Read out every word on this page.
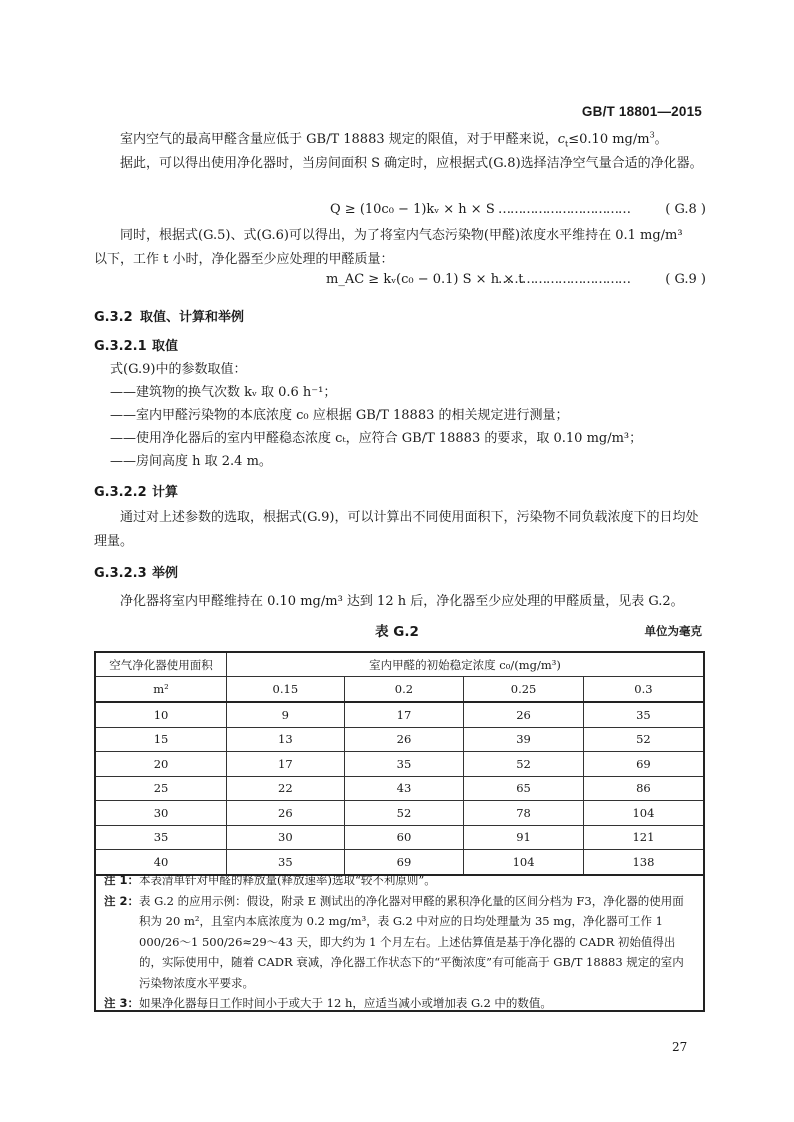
GB/T 18801—2015
室内空气的最高甲醛含量应低于 GB/T 18883 规定的限值，对于甲醛来说，$c_t\le 0.10$ $mg/m^3$。
据此，可以得出使用净化器时，当房间面积 S 确定时，应根据式(G.8)选择洁净空气量合适的净化器。
Q ≥ (10c₀ − 1)kᵥ × h × S ……………………………	( G.8 )
同时，根据式(G.5)、式(G.6)可以得出，为了将室内气态污染物(甲醛)浓度水平维持在 0.1 mg/m³
以下，工作 t 小时，净化器至少应处理的甲醛质量：
m_AC ≥ kᵥ(c₀ − 0.1) S × h × t
……………………………	( G.9 )
G.3.2 取值、计算和举例
G.3.2.1 取值
式(G.9)中的参数取值：
——建筑物的换气次数 kᵥ 取 0.6 h⁻¹；
——室内甲醛污染物的本底浓度 c₀ 应根据 GB/T 18883 的相关规定进行测量；
——使用净化器后的室内甲醛稳态浓度 cₜ，应符合 GB/T 18883 的要求，取 0.10 mg/m³；
——房间高度 h 取 2.4 m。
G.3.2.2 计算
通过对上述参数的选取，根据式(G.9)，可以计算出不同使用面积下，污染物不同负载浓度下的日均处理量。
G.3.2.3 举例
净化器将室内甲醛维持在 0.10 mg/m³ 达到 12 h 后，净化器至少应处理的甲醛质量，见表 G.2。
表 G.2	单位为毫克
空气净化器使用面积	室内甲醛的初始稳定浓度 c₀/(mg/m³)			
m²	0.15	0.2	0.25	0.3
10	9	17	26	35
15	13	26	39	52
20	17	35	52	69
25	22	43	65	86
30	26	52	78	104
35	30	60	91	121
40	35	69	104	138
注 1： 本表清单针对甲醛的释放量(释放速率)选取“较不利原则”。
注 2： 表 G.2 的应用示例：假设，附录 E 测试出的净化器对甲醛的累积净化量的区间分档为 F3，净化器的使用面积为 20 m²，且室内本底浓度为 0.2 mg/m³，表 G.2 中对应的日均处理量为 35 mg，净化器可工作 1 000/26～1 500/26≈29～43 天，即大约为 1 个月左右。上述估算值是基于净化器的 CADR 初始值得出的，实际使用中，随着 CADR 衰减，净化器工作状态下的“平衡浓度”有可能高于 GB/T 18883 规定的室内污染物浓度水平要求。
注 3： 如果净化器每日工作时间小于或大于 12 h，应适当减小或增加表 G.2 中的数值。
27
